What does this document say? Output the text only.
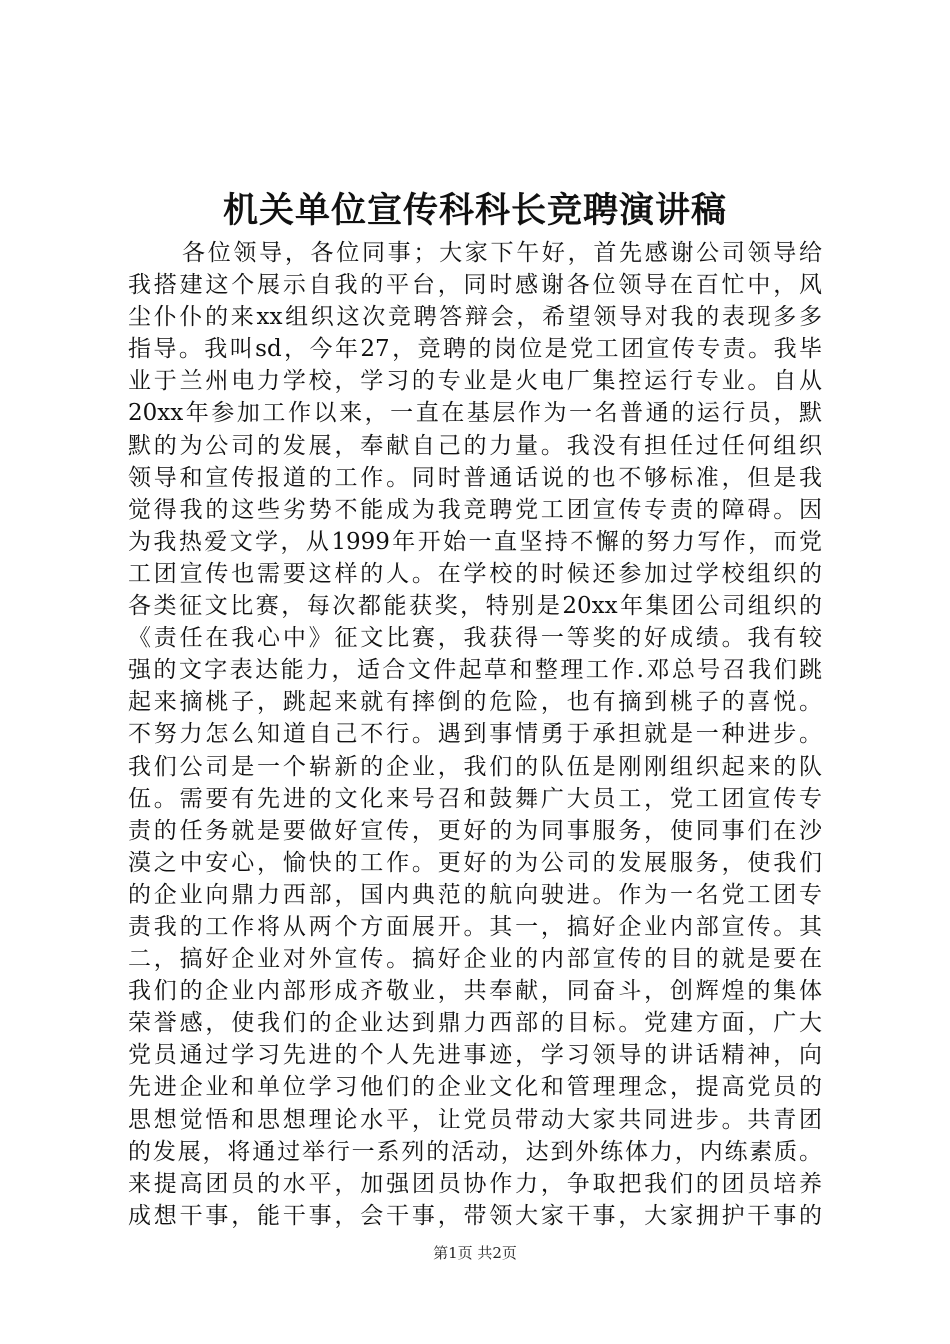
机关单位宣传科科长竞聘演讲稿
各位领导，各位同事；大家下午好，首先感谢公司领导给
我搭建这个展示自我的平台，同时感谢各位领导在百忙中，风
尘仆仆的来xx组织这次竞聘答辩会，希望领导对我的表现多多
指导。我叫sd，今年27，竞聘的岗位是党工团宣传专责。我毕
业于兰州电力学校，学习的专业是火电厂集控运行专业。自从
20xx年参加工作以来，一直在基层作为一名普通的运行员，默
默的为公司的发展，奉献自己的力量。我没有担任过任何组织
领导和宣传报道的工作。同时普通话说的也不够标准，但是我
觉得我的这些劣势不能成为我竞聘党工团宣传专责的障碍。因
为我热爱文学，从1999年开始一直坚持不懈的努力写作，而党
工团宣传也需要这样的人。在学校的时候还参加过学校组织的
各类征文比赛，每次都能获奖，特别是20xx年集团公司组织的
《责任在我心中》征文比赛，我获得一等奖的好成绩。我有较
强的文字表达能力，适合文件起草和整理工作.邓总号召我们跳
起来摘桃子，跳起来就有摔倒的危险，也有摘到桃子的喜悦。
不努力怎么知道自己不行。遇到事情勇于承担就是一种进步。
我们公司是一个崭新的企业，我们的队伍是刚刚组织起来的队
伍。需要有先进的文化来号召和鼓舞广大员工，党工团宣传专
责的任务就是要做好宣传，更好的为同事服务，使同事们在沙
漠之中安心，愉快的工作。更好的为公司的发展服务，使我们
的企业向鼎力西部，国内典范的航向驶进。作为一名党工团专
责我的工作将从两个方面展开。其一，搞好企业内部宣传。其
二，搞好企业对外宣传。搞好企业的内部宣传的目的就是要在
我们的企业内部形成齐敬业，共奉献，同奋斗，创辉煌的集体
荣誉感，使我们的企业达到鼎力西部的目标。党建方面，广大
党员通过学习先进的个人先进事迹，学习领导的讲话精神，向
先进企业和单位学习他们的企业文化和管理理念，提高党员的
思想觉悟和思想理论水平，让党员带动大家共同进步。共青团
的发展，将通过举行一系列的活动，达到外练体力，内练素质。
来提高团员的水平，加强团员协作力，争取把我们的团员培养
成想干事，能干事，会干事，带领大家干事，大家拥护干事的
第1页 共2页
